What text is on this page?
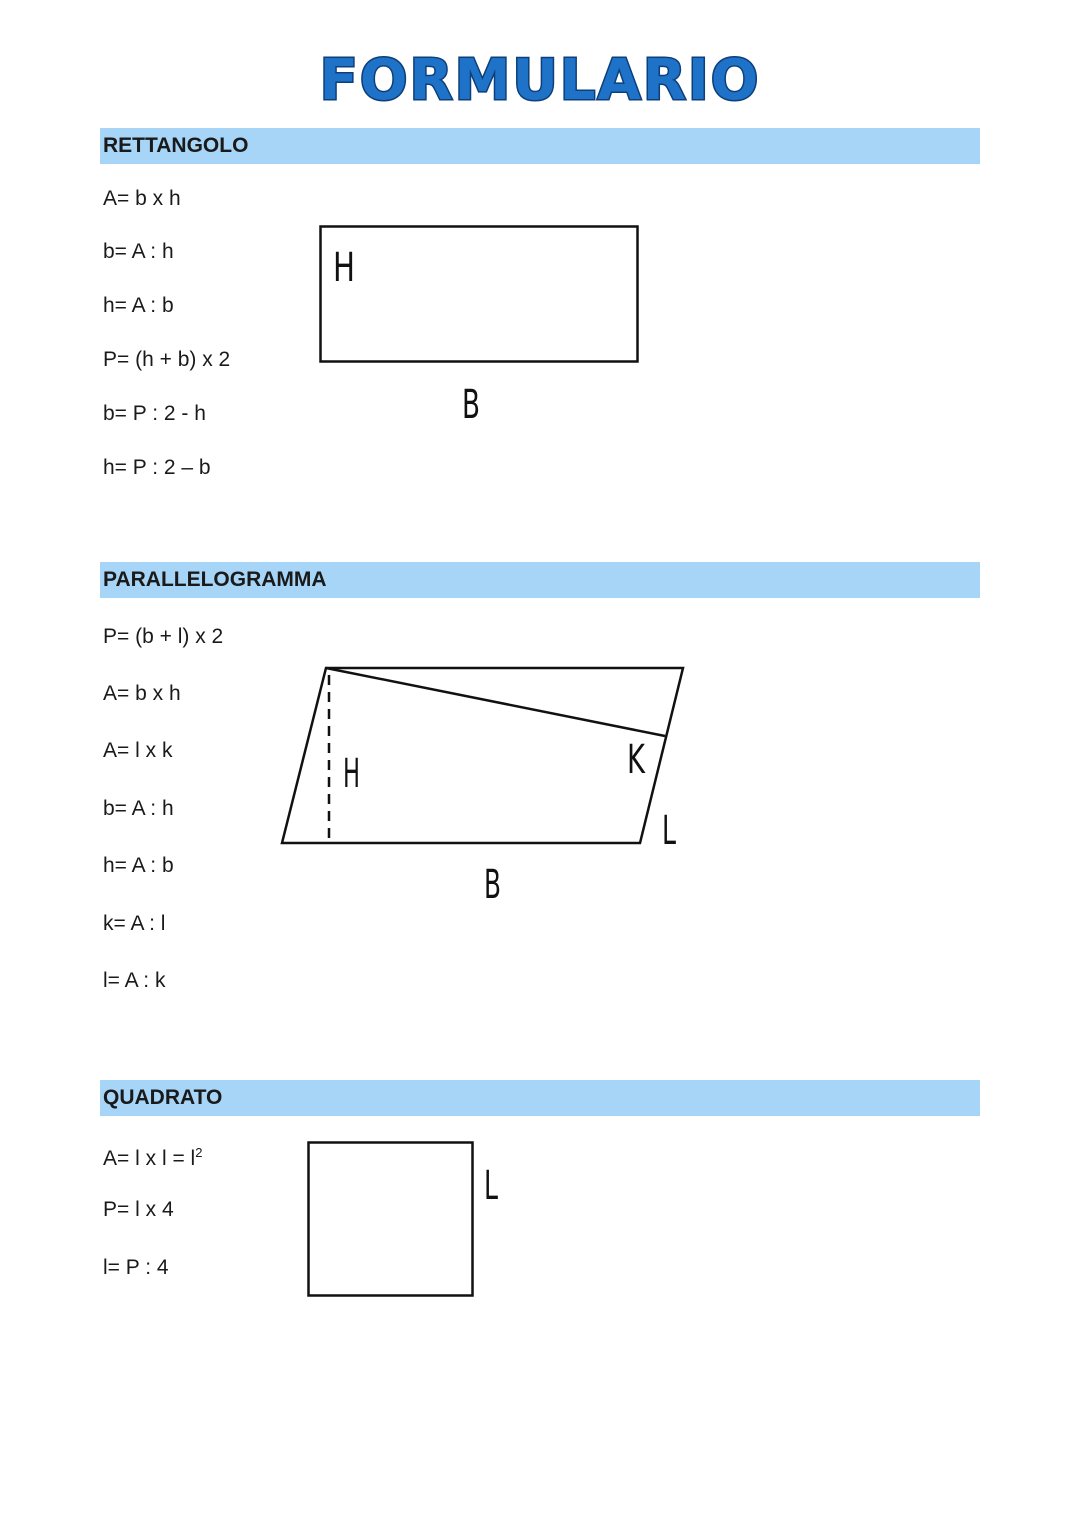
FORMULARIO
RETTANGOLO
A= b x h
b= A : h
h= A : b
P= (h + b) x 2
b= P : 2 - h
h= P : 2 – b
H
B
PARALLELOGRAMMA
P= (b + l) x 2
A= b x h
A= l x k
b= A : h
h= A : b
k= A : l
l= A : k
H	K
L
B
QUADRATO
A= l x $l = l^2$
P= l x 4
l= P : 4
L
